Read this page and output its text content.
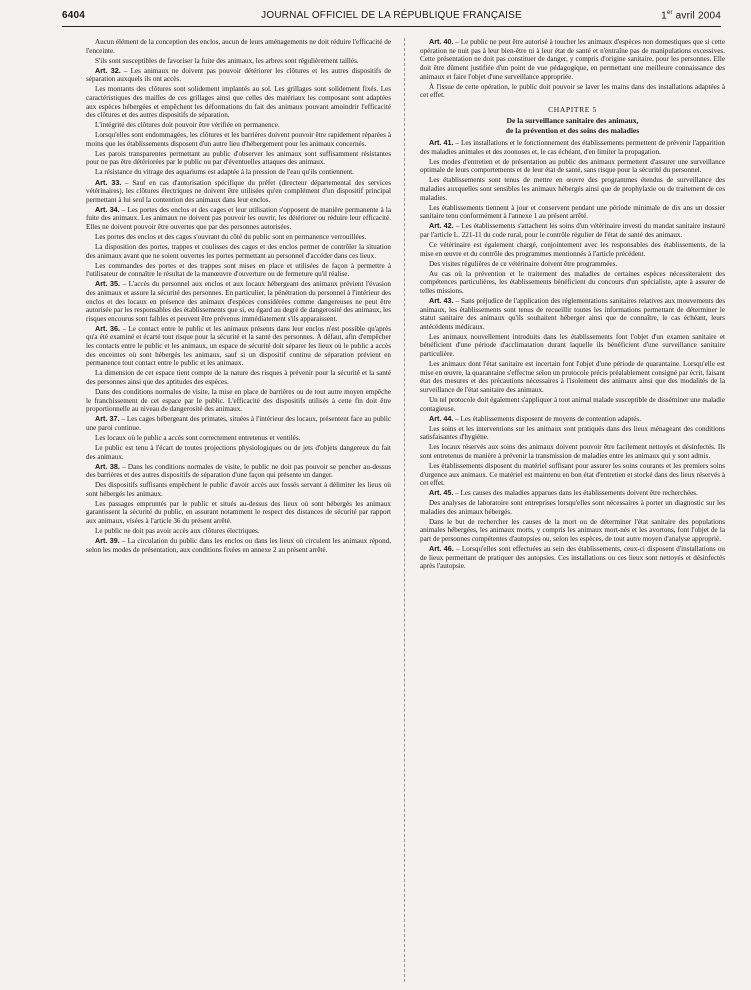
6404	JOURNAL OFFICIEL DE LA RÉPUBLIQUE FRANÇAISE	1er avril 2004

Aucun élément de la conception des enclos, aucun de leurs aménagements ne doit réduire l'efficacité de l'enceinte.

S'ils sont susceptibles de favoriser la fuite des animaux, les arbres sont régulièrement taillés.

Art. 32. – Les animaux ne doivent pas pouvoir détériorer les clôtures et les autres dispositifs de séparation auxquels ils ont accès.

Les montants des clôtures sont solidement implantés au sol. Les grillages sont solidement fixés. Les caractéristiques des mailles de ces grillages ainsi que celles des matériaux les composant sont adaptées aux espèces hébergées et empêchent les déformations du fait des animaux pouvant amoindrir l'efficacité des clôtures et des autres dispositifs de séparation.

L'intégrité des clôtures doit pouvoir être vérifiée en permanence.

Lorsqu'elles sont endommagées, les clôtures et les barrières doivent pouvoir être rapidement réparées à moins que les établissements disposent d'un autre lieu d'hébergement pour les animaux concernés.

Les parois transparentes permettant au public d'observer les animaux sont suffisamment résistantes pour ne pas être détériorées par le public ou par d'éventuelles attaques des animaux.

La résistance du vitrage des aquariums est adaptée à la pression de l'eau qu'ils contiennent.

Art. 33. – Sauf en cas d'autorisation spécifique du préfet (directeur départemental des services vétérinaires), les clôtures électriques ne doivent être utilisées qu'en complément d'un dispositif principal permettant à lui seul la contention des animaux dans leur enclos.

Art. 34. – Les portes des enclos et des cages et leur utilisation s'opposent de manière permanente à la fuite des animaux. Les animaux ne doivent pas pouvoir les ouvrir, les détériorer ou réduire leur efficacité. Elles ne doivent pouvoir être ouvertes que par des personnes autorisées.

Les portes des enclos et des cages s'ouvrant du côté du public sont en permanence verrouillées.

La disposition des portes, trappes et coulisses des cages et des enclos permet de contrôler la situation des animaux avant que ne soient ouvertes les portes permettant au personnel d'accéder dans ces lieux.

Les commandes des portes et des trappes sont mises en place et utilisées de façon à permettre à l'utilisateur de connaître le résultat de la manœuvre d'ouverture ou de fermeture qu'il réalise.

Art. 35. – L'accès du personnel aux enclos et aux locaux hébergeant des animaux prévient l'évasion des animaux et assure la sécurité des personnes. En particulier, la pénétration du personnel à l'intérieur des enclos et des locaux en présence des animaux d'espèces considérées comme dangereuses ne peut être autorisée par les responsables des établissements que si, eu égard au degré de dangerosité des animaux, les risques encourus sont faibles et peuvent être prévenus immédiatement s'ils apparaissent.

Art. 36. – Le contact entre le public et les animaux présents dans leur enclos n'est possible qu'après qu'a été examiné et écarté tout risque pour la sécurité et la santé des personnes. À défaut, afin d'empêcher les contacts entre le public et les animaux, un espace de sécurité doit séparer les lieux où le public a accès des enceintes où sont hébergés les animaux, sauf si un dispositif continu de séparation prévient en permanence tout contact entre le public et les animaux.

La dimension de cet espace tient compte de la nature des risques à prévenir pour la sécurité et la santé des personnes ainsi que des aptitudes des espèces.

Dans des conditions normales de visite, la mise en place de barrières ou de tout autre moyen empêche le franchissement de cet espace par le public. L'efficacité des dispositifs utilisés à cette fin doit être proportionnelle au niveau de dangerosité des animaux.

Art. 37. – Les cages hébergeant des primates, situées à l'intérieur des locaux, présentent face au public une paroi continue.

Les locaux où le public a accès sont correctement entretenus et ventilés.

Le public est tenu à l'écart de toutes projections physiologiques ou de jets d'objets dangereux du fait des animaux.

Art. 38. – Dans les conditions normales de visite, le public ne doit pas pouvoir se pencher au-dessus des barrières et des autres dispositifs de séparation d'une façon qui présente un danger.

Des dispositifs suffisants empêchent le public d'avoir accès aux fossés servant à délimiter les lieux où sont hébergés les animaux.

Les passages empruntés par le public et situés au-dessus des lieux où sont hébergés les animaux garantissent la sécurité du public, en assurant notamment le respect des distances de sécurité par rapport aux animaux, visées à l'article 36 du présent arrêté.

Le public ne doit pas avoir accès aux clôtures électriques.

Art. 39. – La circulation du public dans les enclos ou dans les lieux où circulent les animaux répond, selon les modes de présentation, aux conditions fixées en annexe 2 au présent arrêté.

Art. 40. – Le public ne peut être autorisé à toucher les animaux d'espèces non domestiques que si cette opération ne nuit pas à leur bien-être ni à leur état de santé et n'entraîne pas de manipulations excessives. Cette présentation ne doit pas constituer de danger, y compris d'origine sanitaire, pour les personnes. Elle doit être dûment justifiée d'un point de vue pédagogique, en permettant une meilleure connaissance des animaux et faire l'objet d'une surveillance appropriée.

À l'issue de cette opération, le public doit pouvoir se laver les mains dans des installations adaptées à cet effet.

CHAPITRE 5
De la surveillance sanitaire des animaux,
de la prévention et des soins des maladies

Art. 41. – Les installations et le fonctionnement des établissements permettent de prévenir l'apparition des maladies animales et des zoonoses et, le cas échéant, d'en limiter la propagation.

Les modes d'entretien et de présentation au public des animaux permettent d'assurer une surveillance optimale de leurs comportements et de leur état de santé, sans risque pour la sécurité du personnel.

Les établissements sont tenus de mettre en œuvre des programmes étendus de surveillance des maladies auxquelles sont sensibles les animaux hébergés ainsi que de prophylaxie ou de traitement de ces maladies.

Les établissements tiennent à jour et conservent pendant une période minimale de dix ans un dossier sanitaire tenu conformément à l'annexe 1 au présent arrêté.

Art. 42. – Les établissements s'attachent les soins d'un vétérinaire investi du mandat sanitaire instauré par l'article L. 221-11 du code rural, pour le contrôle régulier de l'état de santé des animaux.

Ce vétérinaire est également chargé, conjointement avec les responsables des établissements, de la mise en œuvre et du contrôle des programmes mentionnés à l'article précédent.

Des visites régulières de ce vétérinaire doivent être programmées.

Au cas où la prévention et le traitement des maladies de certaines espèces nécessiteraient des compétences particulières, les établissements bénéficient du concours d'un spécialiste, apte à assurer de telles missions.

Art. 43. – Sans préjudice de l'application des réglementations sanitaires relatives aux mouvements des animaux, les établissements sont tenus de recueillir toutes les informations permettant de déterminer le statut sanitaire des animaux qu'ils souhaitent héberger ainsi que de connaître, le cas échéant, leurs antécédents médicaux.

Les animaux nouvellement introduits dans les établissements font l'objet d'un examen sanitaire et bénéficient d'une période d'acclimatation durant laquelle ils bénéficient d'une surveillance sanitaire particulière.

Les animaux dont l'état sanitaire est incertain font l'objet d'une période de quarantaine. Lorsqu'elle est mise en œuvre, la quarantaine s'effectue selon un protocole précis préalablement consigné par écrit, faisant état des mesures et des précautions nécessaires à l'isolement des animaux ainsi que des modalités de la surveillance de l'état sanitaire des animaux.

Un tel protocole doit également s'appliquer à tout animal malade susceptible de disséminer une maladie contagieuse.

Art. 44. – Les établissements disposent de moyens de contention adaptés.

Les soins et les interventions sur les animaux sont pratiqués dans des lieux ménageant des conditions satisfaisantes d'hygiène.

Les locaux réservés aux soins des animaux doivent pouvoir être facilement nettoyés et désinfectés. Ils sont entretenus de manière à prévenir la transmission de maladies entre les animaux qui y sont admis.

Les établissements disposent du matériel suffisant pour assurer les soins courants et les premiers soins d'urgence aux animaux. Ce matériel est maintenu en bon état d'entretien et stocké dans des lieux réservés à cet effet.

Art. 45. – Les causes des maladies apparues dans les établissements doivent être recherchées.

Des analyses de laboratoire sont entreprises lorsqu'elles sont nécessaires à porter un diagnostic sur les maladies des animaux hébergés.

Dans le but de rechercher les causes de la mort ou de déterminer l'état sanitaire des populations animales hébergées, les animaux morts, y compris les animaux mort-nés et les avortons, font l'objet de la part de personnes compétentes d'autopsies ou, selon les espèces, de tout autre moyen d'analyse approprié.

Art. 46. – Lorsqu'elles sont effectuées au sein des établissements, ceux-ci disposent d'installations ou de lieux permettant de pratiquer des autopsies. Ces installations ou ces lieux sont nettoyés et désinfectés après l'autopsie.
